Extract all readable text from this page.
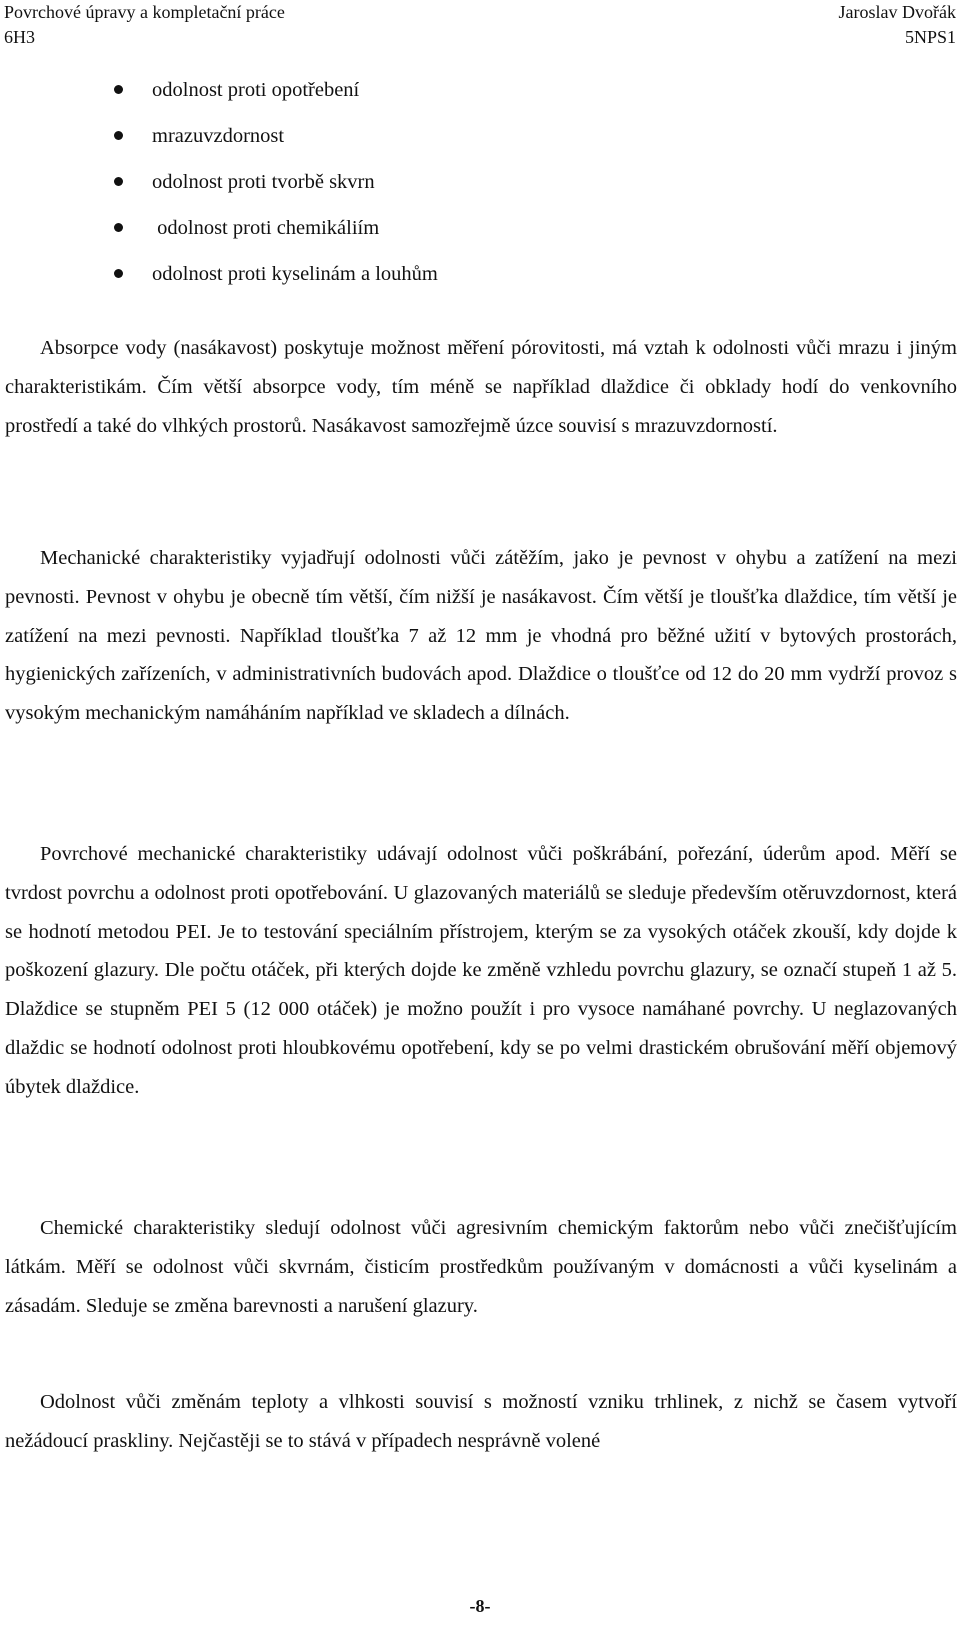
Povrchové úpravy a kompletační práce	Jaroslav Dvořák
6H3	5NPS1
odolnost proti opotřebení
mrazuvzdornost
odolnost proti tvorbě skvrn
odolnost proti chemikáliím
odolnost proti kyselinám a louhům

Absorpce vody (nasákavost) poskytuje možnost měření pórovitosti, má vztah k odolnosti vůči mrazu i jiným charakteristikám. Čím větší absorpce vody, tím méně se například dlaždice či obklady hodí do venkovního prostředí a také do vlhkých prostorů. Nasákavost samozřejmě úzce souvisí s mrazuvzdorností.

Mechanické charakteristiky vyjadřují odolnosti vůči zátěžím, jako je pevnost v ohybu a zatížení na mezi pevnosti. Pevnost v ohybu je obecně tím větší, čím nižší je nasákavost. Čím větší je tloušťka dlaždice, tím větší je zatížení na mezi pevnosti. Například tloušťka 7 až 12 mm je vhodná pro běžné užití v bytových prostorách, hygienických zařízeních, v administrativních budovách apod. Dlaždice o tloušťce od 12 do 20 mm vydrží provoz s vysokým mechanickým namáháním například ve skladech a dílnách.

Povrchové mechanické charakteristiky udávají odolnost vůči poškrábání, pořezání, úderům apod. Měří se tvrdost povrchu a odolnost proti opotřebování. U glazovaných materiálů se sleduje především otěruvzdornost, která se hodnotí metodou PEI. Je to testování speciálním přístrojem, kterým se za vysokých otáček zkouší, kdy dojde k poškození glazury. Dle počtu otáček, při kterých dojde ke změně vzhledu povrchu glazury, se označí stupeň 1 až 5. Dlaždice se stupněm PEI 5 (12 000 otáček) je možno použít i pro vysoce namáhané povrchy. U neglazovaných dlaždic se hodnotí odolnost proti hloubkovému opotřebení, kdy se po velmi drastickém obrušování měří objemový úbytek dlaždice.

Chemické charakteristiky sledují odolnost vůči agresivním chemickým faktorům nebo vůči znečišťujícím látkám. Měří se odolnost vůči skvrnám, čisticím prostředkům používaným v domácnosti a vůči kyselinám a zásadám. Sleduje se změna barevnosti a narušení glazury.

Odolnost vůči změnám teploty a vlhkosti souvisí s možností vzniku trhlinek, z nichž se časem vytvoří nežádoucí praskliny. Nejčastěji se to stává v případech nesprávně volené

-8-
